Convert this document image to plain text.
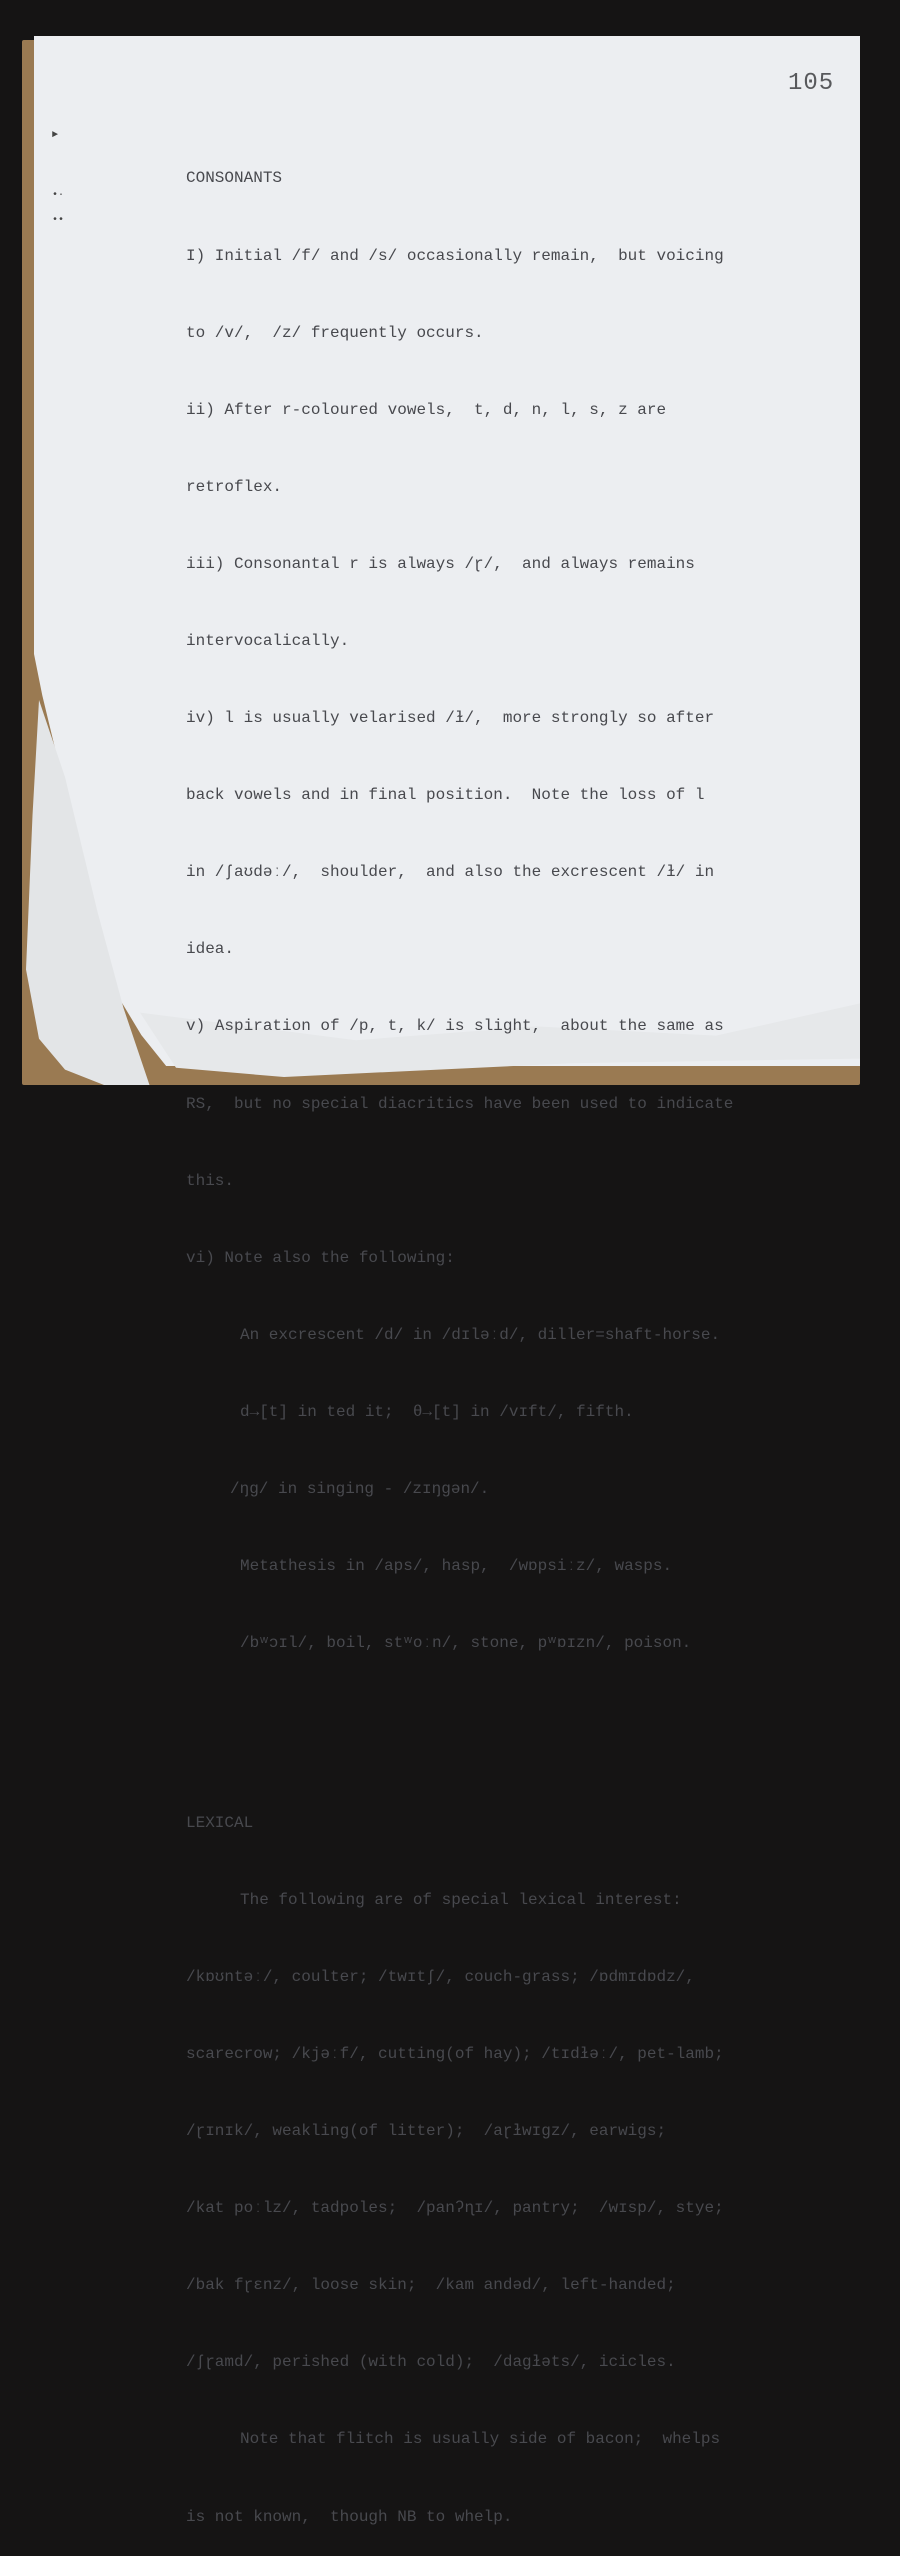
►
•·
••
105

CONSONANTS

I) Initial /f/ and /s/ occasionally remain,  but voicing

to /v/,  /z/ frequently occurs.

ii) After r-coloured vowels,  t, d, n, l, s, z are

retroflex.

iii) Consonantal r is always /ɽ/,  and always remains

intervocalically.

iv) l is usually velarised /ɫ/,  more strongly so after

back vowels and in final position.  Note the loss of l

in /ʃaʊdəː/,  shoulder,  and also the excrescent /ɫ/ in

idea.

v) Aspiration of /p, t, k/ is slight,  about the same as

RS,  but no special diacritics have been used to indicate

this.

vi) Note also the following:

An excrescent /d/ in /dɪləːd/, diller=shaft-horse.

d→[t] in ted it;  θ→[t] in /vɪft/, fifth.

/ŋg/ in singing - /zɪŋgən/.

Metathesis in /aps/, hasp,  /wɒpsiːz/, wasps.

/bʷɔɪl/, boil, stʷoːn/, stone, pʷɒɪzn/, poison.

LEXICAL

The following are of special lexical interest:

/kɒʊntəː/, coulter; /twɪtʃ/, couch-grass; /ɒdmɪdɒdz/,

scarecrow; /kjəːf/, cutting(of hay); /tɪdɫəː/, pet-lamb;

/ɽɪnɪk/, weakling(of litter);  /aɽɫwɪgz/, earwigs;

/kat poːlz/, tadpoles;  /panʔɳɪ/, pantry;  /wɪsp/, stye;

/bak fɽɛnz/, loose skin;  /kam andəd/, left-handed;

/ʃɽamd/, perished (with cold);  /dagɫəts/, icicles.

Note that flitch is usually side of bacon;  whelps

is not known,  though NB to whelp.
